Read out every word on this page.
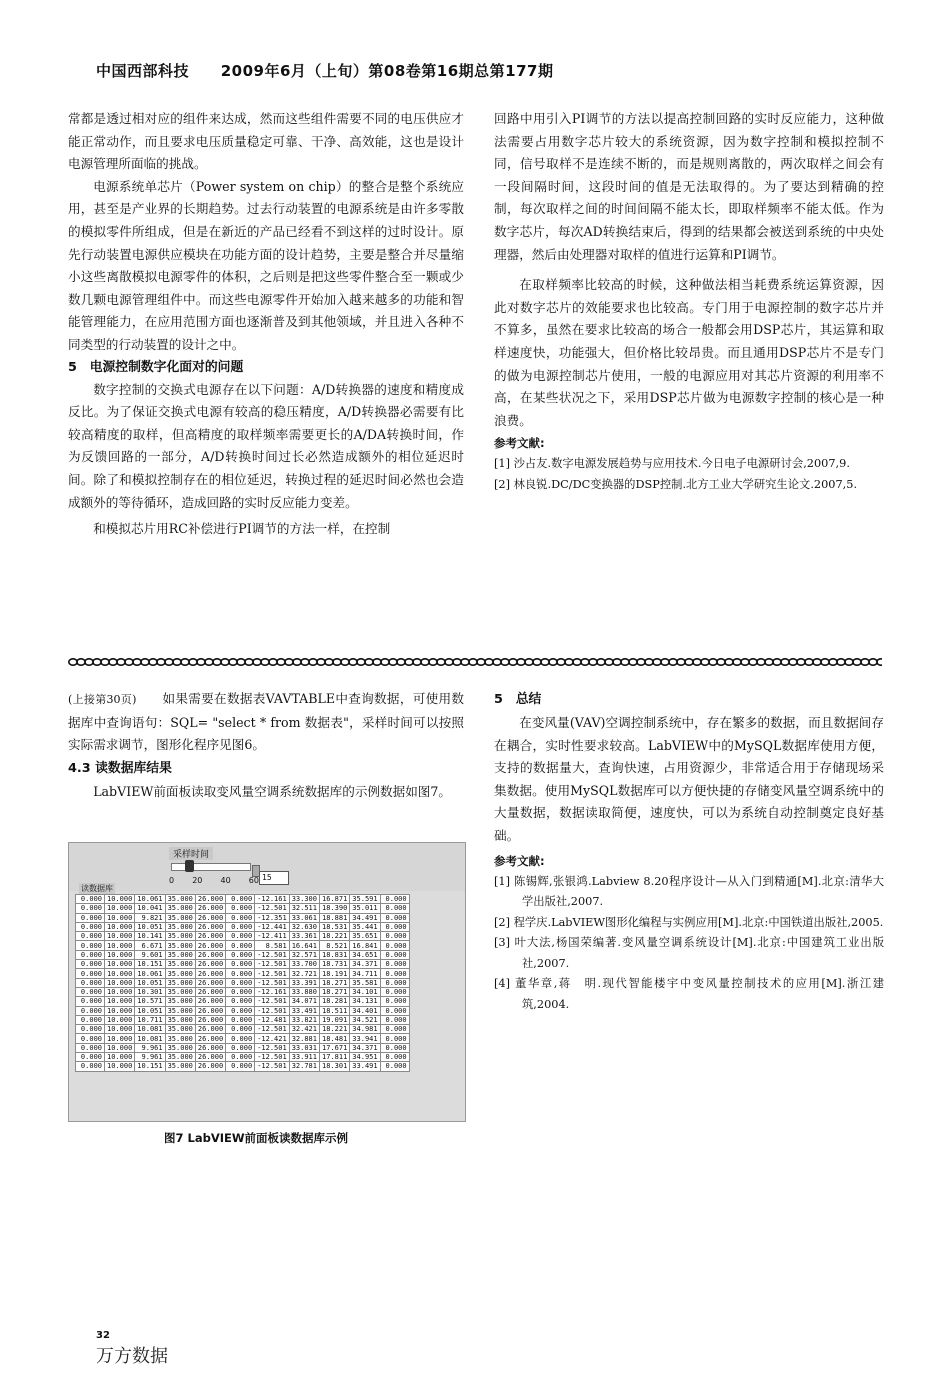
中国西部科技 2009年6月（上旬）第08卷第16期总第177期

常都是透过相对应的组件来达成，然而这些组件需要不同的电压供应才能正常动作，而且要求电压质量稳定可靠、干净、高效能，这也是设计电源管理所面临的挑战。

电源系统单芯片（Power system on chip）的整合是整个系统应用，甚至是产业界的长期趋势。过去行动装置的电源系统是由许多零散的模拟零件所组成，但是在新近的产品已经看不到这样的过时设计。原先行动装置电源供应模块在功能方面的设计趋势，主要是整合并尽量缩小这些离散模拟电源零件的体积，之后则是把这些零件整合至一颗或少数几颗电源管理组件中。而这些电源零件开始加入越来越多的功能和智能管理能力，在应用范围方面也逐渐普及到其他领域，并且进入各种不同类型的行动装置的设计之中。

5　电源控制数字化面对的问题

数字控制的交换式电源存在以下问题：A/D转换器的速度和精度成反比。为了保证交换式电源有较高的稳压精度，A/D转换器必需要有比较高精度的取样，但高精度的取样频率需要更长的A/DA转换时间，作为反馈回路的一部分，A/D转换时间过长必然造成额外的相位延迟时间。除了和模拟控制存在的相位延迟，转换过程的延迟时间必然也会造成额外的等待循环，造成回路的实时反应能力变差。

和模拟芯片用RC补偿进行PI调节的方法一样，在控制

回路中用引入PI调节的方法以提高控制回路的实时反应能力，这种做法需要占用数字芯片较大的系统资源，因为数字控制和模拟控制不同，信号取样不是连续不断的，而是规则离散的，两次取样之间会有一段间隔时间，这段时间的值是无法取得的。为了要达到精确的控制，每次取样之间的时间间隔不能太长，即取样频率不能太低。作为数字芯片，每次AD转换结束后，得到的结果都会被送到系统的中央处理器，然后由处理器对取样的值进行运算和PI调节。

在取样频率比较高的时候，这种做法相当耗费系统运算资源，因此对数字芯片的效能要求也比较高。专门用于电源控制的数字芯片并不算多，虽然在要求比较高的场合一般都会用DSP芯片，其运算和取样速度快，功能强大，但价格比较昂贵。而且通用DSP芯片不是专门的做为电源控制芯片使用，一般的电源应用对其芯片资源的利用率不高，在某些状况之下，采用DSP芯片做为电源数字控制的核心是一种浪费。

参考文献:

[1] 沙占友.数字电源发展趋势与应用技术.今日电子电源研讨会,2007,9.
[2] 林良锐.DC/DC变换器的DSP控制.北方工业大学研究生论文.2007,5.

(上接第30页)　　 如果需要在数据表VAVTABLE中查询数据，可使用数据库中查询语句：SQL= "select * from 数据表"，采样时间可以按照实际需求调节，图形化程序见图6。

4.3 读数据库结果

LabVIEW前面板读取变风量空调系统数据库的示例数据如图7。

采样时间
15
0 20 40 60
读数据库
0.000	10.000	10.061	35.000	26.000	0.000	-12.161	33.300	16.871	35.591	0.000
0.000	10.000	10.041	35.000	26.000	0.000	-12.501	32.511	18.390	35.011	0.000
0.000	10.000	9.821	35.000	26.000	0.000	-12.351	33.061	18.881	34.491	0.000
0.000	10.000	10.051	35.000	26.000	0.000	-12.441	32.630	18.531	35.441	0.000
0.000	10.000	10.141	35.000	26.000	0.000	-12.411	33.361	18.221	35.651	0.000
0.000	10.000	6.671	35.000	26.000	0.000	8.581	16.641	8.521	16.841	0.000
0.000	10.000	9.601	35.000	26.000	0.000	-12.501	32.571	18.831	34.651	0.000
0.000	10.000	10.151	35.000	26.000	0.000	-12.501	33.700	18.731	34.371	0.000
0.000	10.000	10.061	35.000	26.000	0.000	-12.501	32.721	18.191	34.711	0.000
0.000	10.000	10.051	35.000	26.000	0.000	-12.501	33.391	18.271	35.581	0.000
0.000	10.000	10.301	35.000	26.000	0.000	-12.161	33.880	18.271	34.101	0.000
0.000	10.000	10.571	35.000	26.000	0.000	-12.501	34.071	18.281	34.131	0.000
0.000	10.000	10.051	35.000	26.000	0.000	-12.501	33.491	18.511	34.401	0.000
0.000	10.000	10.711	35.000	26.000	0.000	-12.481	33.821	19.091	34.521	0.000
0.000	10.000	10.081	35.000	26.000	0.000	-12.501	32.421	18.221	34.981	0.000
0.000	10.000	10.081	35.000	26.000	0.000	-12.421	32.881	18.481	33.941	0.000
0.000	10.000	9.961	35.000	26.000	0.000	-12.501	33.031	17.671	34.371	0.000
0.000	10.000	9.961	35.000	26.000	0.000	-12.501	33.911	17.811	34.951	0.000
0.000	10.000	10.151	35.000	26.000	0.000	-12.501	32.781	18.301	33.491	0.000
图7 LabVIEW前面板读数据库示例

5　总结

在变风量(VAV)空调控制系统中，存在繁多的数据，而且数据间存在耦合，实时性要求较高。LabVIEW中的MySQL数据库使用方便，支持的数据量大，查询快速，占用资源少，非常适合用于存储现场采集数据。使用MySQL数据库可以方便快捷的存储变风量空调系统中的大量数据，数据读取简便，速度快，可以为系统自动控制奠定良好基础。

参考文献:

[1] 陈锡辉,张银鸿.Labview 8.20程序设计—从入门到精通[M].北京:清华大学出版社,2007.
[2] 程学庆.LabVIEW图形化编程与实例应用[M].北京:中国铁道出版社,2005.
[3] 叶大法,杨国荣编著.变风量空调系统设计[M].北京:中国建筑工业出版社,2007.
[4] 董华章,蒋　明.现代智能楼宇中变风量控制技术的应用[M].浙江建筑,2004.
32
万方数据
